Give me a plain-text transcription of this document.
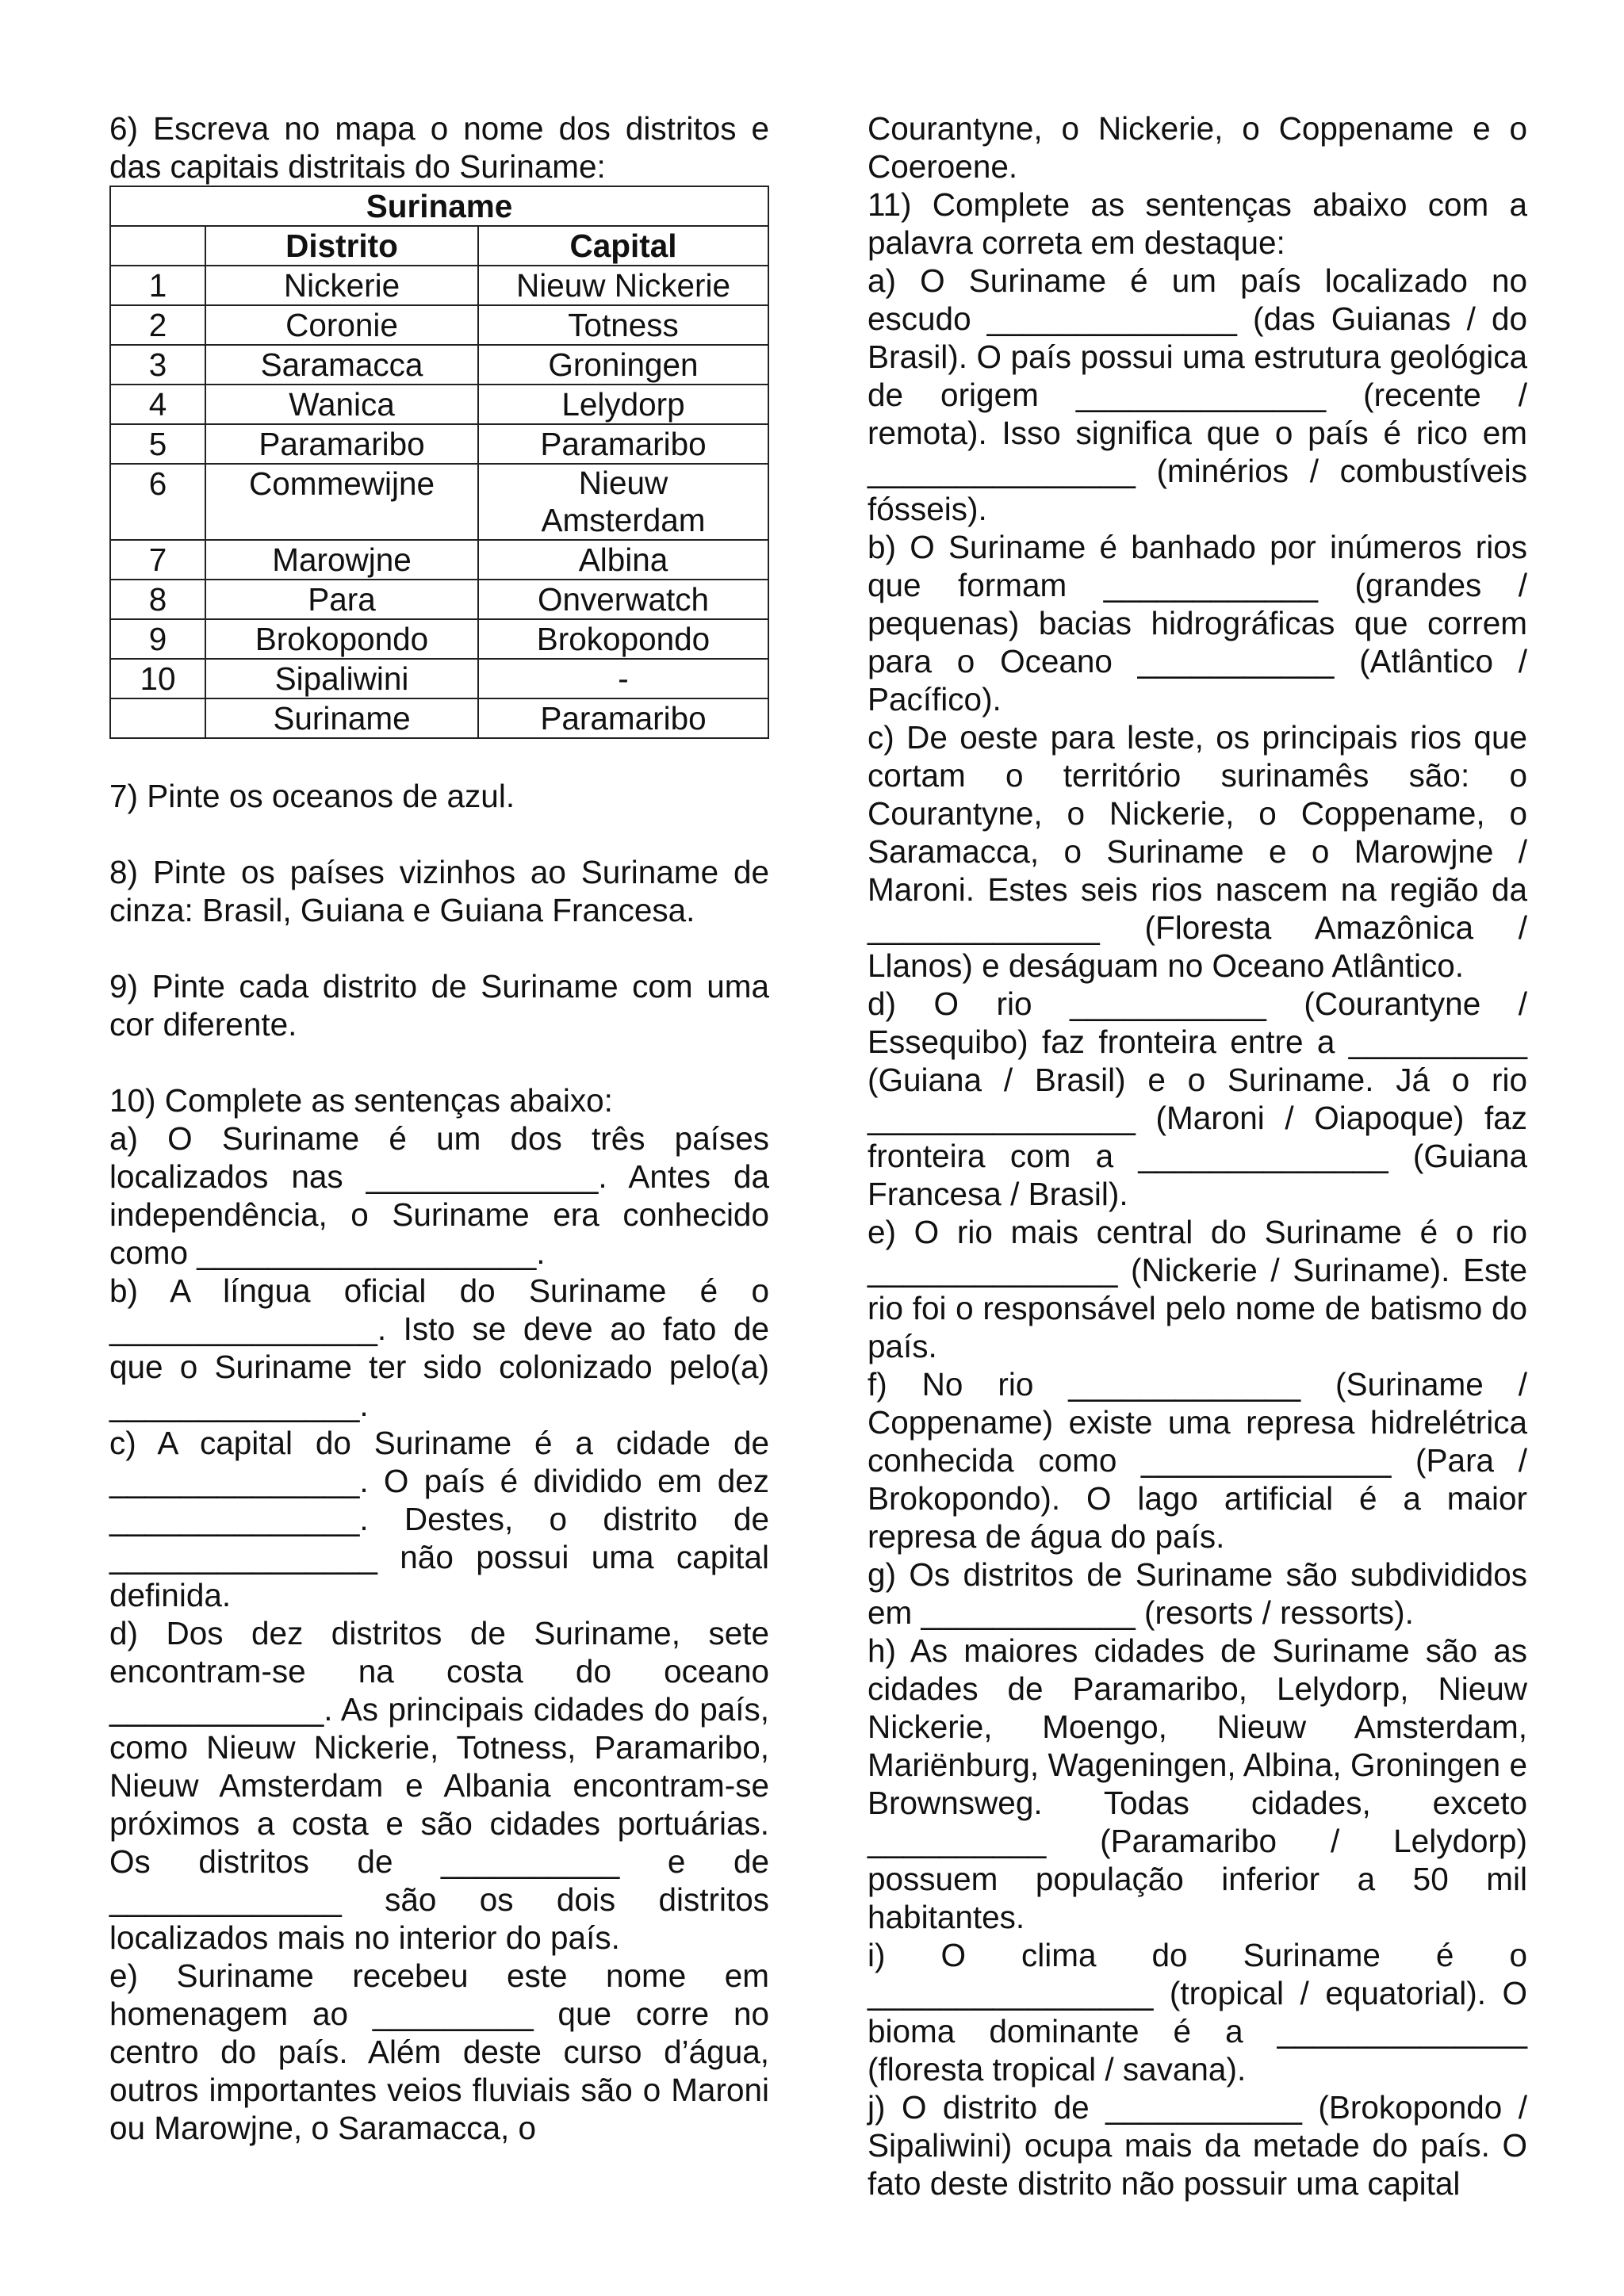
6) Escreva no mapa o nome dos distritos e das capitais distritais do Suriname:

Suriname		
	Distrito	Capital
1	Nickerie	Nieuw Nickerie
2	Coronie	Totness
3	Saramacca	Groningen
4	Wanica	Lelydorp
5	Paramaribo	Paramaribo
6	Commewijne	Nieuw Amsterdam
7	Marowjne	Albina
8	Para	Onverwatch
9	Brokopondo	Brokopondo
10	Sipaliwini	-
	Suriname	Paramaribo

7) Pinte os oceanos de azul.

8) Pinte os países vizinhos ao Suriname de cinza: Brasil, Guiana e Guiana Francesa.

9) Pinte cada distrito de Suriname com uma cor diferente.

10) Complete as sentenças abaixo:

a) O Suriname é um dos três países localizados nas _____________. Antes da independência, o Suriname era conhecido como ___________________.

b) A língua oficial do Suriname é o _______________. Isto se deve ao fato de que o Suriname ter sido colonizado pelo(a) ______________.

c) A capital do Suriname é a cidade de ______________. O país é dividido em dez ______________. Destes, o distrito de _______________ não possui uma capital definida.

d) Dos dez distritos de Suriname, sete encontram-se na costa do oceano ____________. As principais cidades do país, como Nieuw Nickerie, Totness, Paramaribo, Nieuw Amsterdam e Albania encontram-se próximos a costa e são cidades portuárias. Os distritos de __________ e de _____________ são os dois distritos localizados mais no interior do país.

e) Suriname recebeu este nome em homenagem ao _________ que corre no centro do país. Além deste curso d’água, outros importantes veios fluviais são o Maroni ou Marowjne, o Saramacca, o

Courantyne, o Nickerie, o Coppename e o Coeroene.

11) Complete as sentenças abaixo com a palavra correta em destaque:

a) O Suriname é um país localizado no escudo ______________ (das Guianas / do Brasil). O país possui uma estrutura geológica de origem ______________ (recente / remota). Isso significa que o país é rico em _______________ (minérios / combustíveis fósseis).

b) O Suriname é banhado por inúmeros rios que formam ____________ (grandes / pequenas) bacias hidrográficas que correm para o Oceano ___________ (Atlântico / Pacífico).

c) De oeste para leste, os principais rios que cortam o território surinamês são: o Courantyne, o Nickerie, o Coppename, o Saramacca, o Suriname e o Marowjne / Maroni. Estes seis rios nascem na região da _____________ (Floresta Amazônica / Llanos) e deságuam no Oceano Atlântico.

d) O rio ___________ (Courantyne / Essequibo) faz fronteira entre a __________ (Guiana / Brasil) e o Suriname. Já o rio _______________ (Maroni / Oiapoque) faz fronteira com a ______________ (Guiana Francesa / Brasil).

e) O rio mais central do Suriname é o rio ______________ (Nickerie / Suriname). Este rio foi o responsável pelo nome de batismo do país.

f) No rio _____________ (Suriname / Coppename) existe uma represa hidrelétrica conhecida como ______________ (Para / Brokopondo). O lago artificial é a maior represa de água do país.

g) Os distritos de Suriname são subdivididos em ____________ (resorts / ressorts).

h) As maiores cidades de Suriname são as cidades de Paramaribo, Lelydorp, Nieuw Nickerie, Moengo, Nieuw Amsterdam, Mariënburg, Wageningen, Albina, Groningen e Brownsweg. Todas cidades, exceto __________ (Paramaribo / Lelydorp) possuem população inferior a 50 mil habitantes.

i) O clima do Suriname é o ________________ (tropical / equatorial). O bioma dominante é a ______________ (floresta tropical / savana).

j) O distrito de ___________ (Brokopondo / Sipaliwini) ocupa mais da metade do país. O fato deste distrito não possuir uma capital
